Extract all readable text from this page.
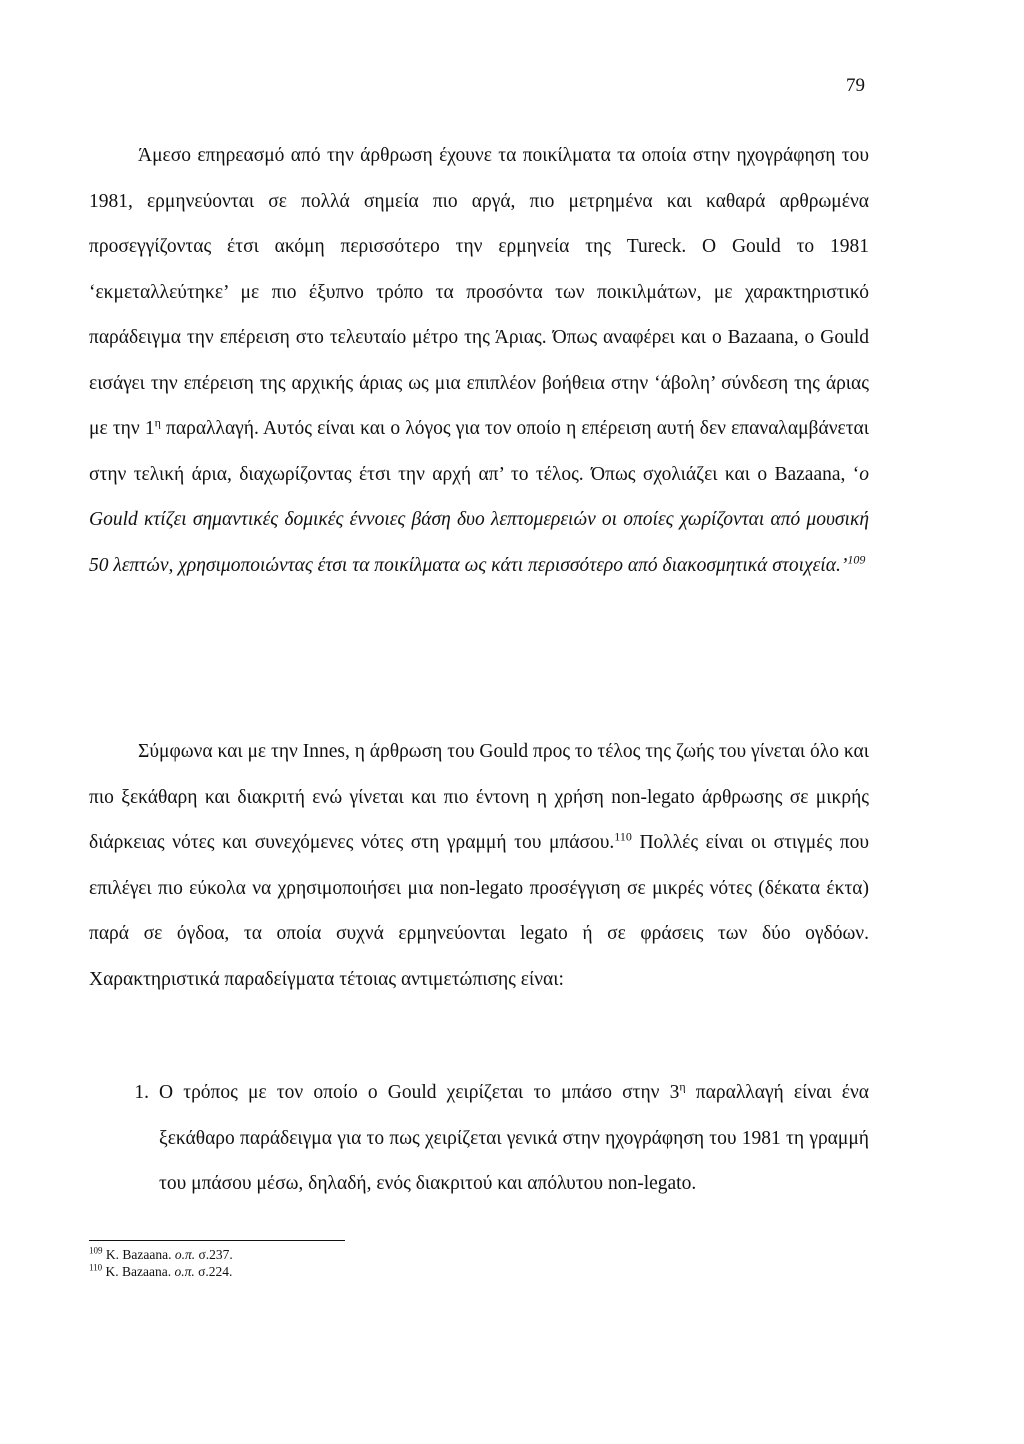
79
Άμεσο επηρεασμό από την άρθρωση έχουνε τα ποικίλματα τα οποία στην ηχογράφηση του 1981, ερμηνεύονται σε πολλά σημεία πιο αργά, πιο μετρημένα και καθαρά αρθρωμένα προσεγγίζοντας έτσι ακόμη περισσότερο την ερμηνεία της Tureck. Ο Gould το 1981 ‘εκμεταλλεύτηκε’ με πιο έξυπνο τρόπο τα προσόντα των ποικιλμάτων, με χαρακτηριστικό παράδειγμα την επέρειση στο τελευταίο μέτρο της Άριας. Όπως αναφέρει και ο Bazaana, ο Gould εισάγει την επέρειση της αρχικής άριας ως μια επιπλέον βοήθεια στην ‘άβολη’ σύνδεση της άριας με την $1^\eta$ παραλλαγή. Αυτός είναι και ο λόγος για τον οποίο η επέρειση αυτή δεν επαναλαμβάνεται στην τελική άρια, διαχωρίζοντας έτσι την αρχή απ’ το τέλος. Όπως σχολιάζει και ο Bazaana, ‘ο Gould κτίζει σημαντικές δομικές έννοιες βάση δυο λεπτομερειών οι οποίες χωρίζονται από μουσική 50 λεπτών, χρησιμοποιώντας έτσι τα ποικίλματα ως κάτι περισσότερο από διακοσμητικά στοιχεία.’$^{109}$
Σύμφωνα και με την Innes, η άρθρωση του Gould προς το τέλος της ζωής του γίνεται όλο και πιο ξεκάθαρη και διακριτή ενώ γίνεται και πιο έντονη η χρήση non-legato άρθρωσης σε μικρής διάρκειας νότες και συνεχόμενες νότες στη γραμμή του μπάσου.$^{110}$ Πολλές είναι οι στιγμές που επιλέγει πιο εύκολα να χρησιμοποιήσει μια non-legato προσέγγιση σε μικρές νότες (δέκατα έκτα) παρά σε όγδοα, τα οποία συχνά ερμηνεύονται legato ή σε φράσεις των δύο ογδόων. Χαρακτηριστικά παραδείγματα τέτοιας αντιμετώπισης είναι:
1. Ο τρόπος με τον οποίο ο Gould χειρίζεται το μπάσο στην $3^\eta$ παραλλαγή είναι ένα ξεκάθαρο παράδειγμα για το πως χειρίζεται γενικά στην ηχογράφηση του 1981 τη γραμμή του μπάσου μέσω, δηλαδή, ενός διακριτού και απόλυτου non-legato.
$^{109}$ K. Bazaana. ο.π. σ.237.
$^{110}$ K. Bazaana. ο.π. σ.224.
